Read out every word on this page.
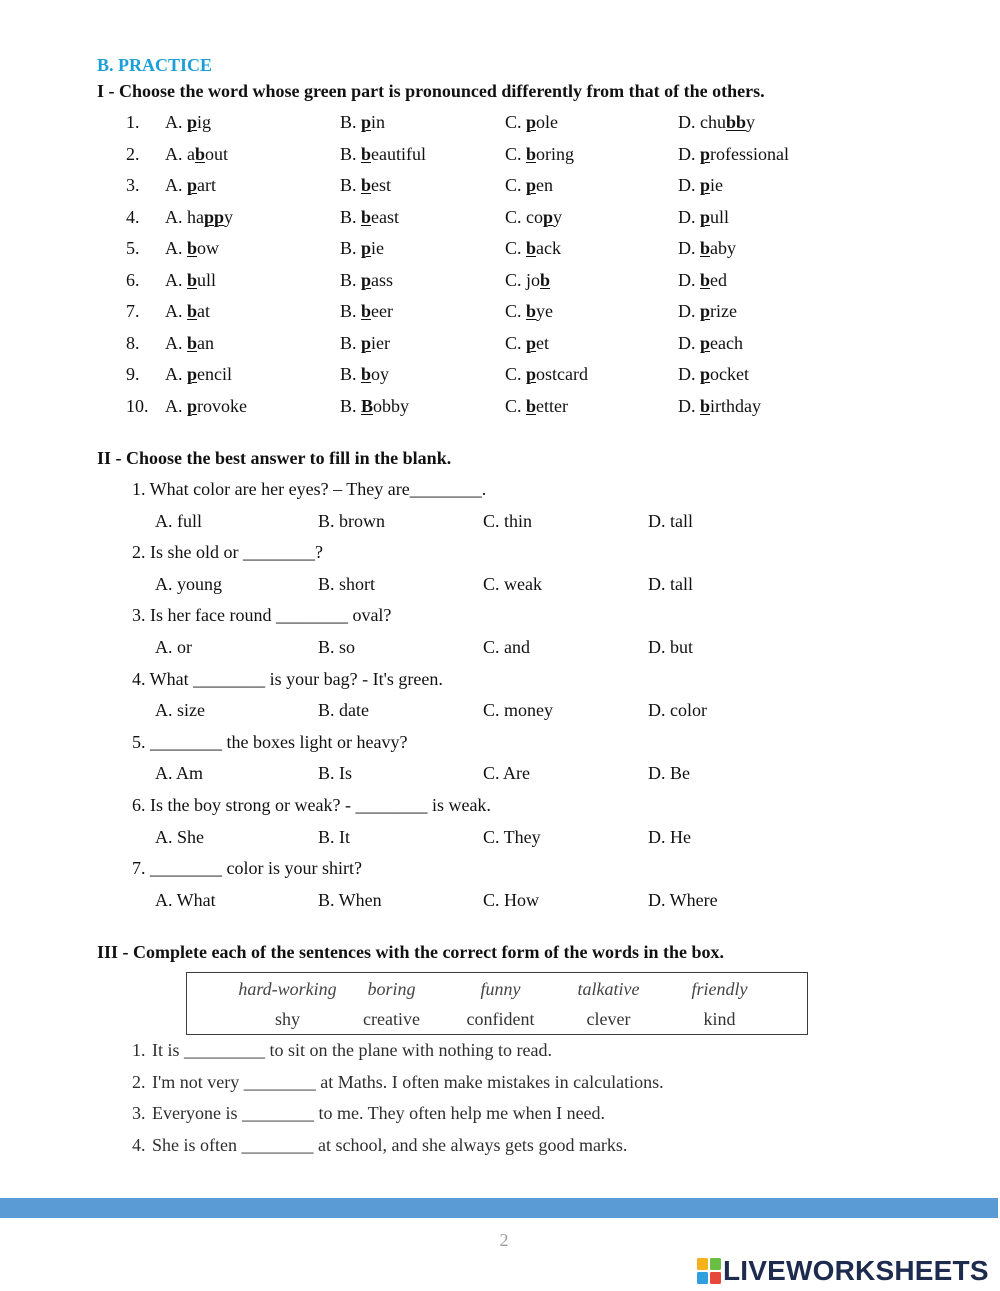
B. PRACTICE
I - Choose the word whose green part is pronounced differently from that of the others.
1. A. pig	B. pin	C. pole	D. chubby
2. A. about	B. beautiful	C. boring	D. professional
3. A. part	B. best	C. pen	D. pie
4. A. happy	B. beast	C. copy	D. pull
5. A. bow	B. pie	C. back	D. baby
6. A. bull	B. pass	C. job	D. bed
7. A. bat	B. beer	C. bye	D. prize
8. A. ban	B. pier	C. pet	D. peach
9. A. pencil	B. boy	C. postcard	D. pocket
10. A. provoke	B. Bobby	C. better	D. birthday
II - Choose the best answer to fill in the blank.
1. What color are her eyes? – They are________.
A. full	B. brown	C. thin	D. tall
2. Is she old or ________?
A. young	B. short	C. weak	D. tall
3. Is her face round ________ oval?
A. or	B. so	C. and	D. but
4. What ________ is your bag? - It's green.
A. size	B. date	C. money	D. color
5. ________ the boxes light or heavy?
A. Am	B. Is	C. Are	D. Be
6. Is the boy strong or weak? - ________ is weak.
A. She	B. It	C. They	D. He
7. ________ color is your shirt?
A. What	B. When	C. How	D. Where
III - Complete each of the sentences with the correct form of the words in the box.
hard-working	boring	funny	talkative	friendly
shy	creative	confident	clever	kind
1. It is _________ to sit on the plane with nothing to read.
2. I'm not very ________ at Maths. I often make mistakes in calculations.
3. Everyone is ________ to me. They often help me when I need.
4. She is often ________ at school, and she always gets good marks.
2
LIVEWORKSHEETS
